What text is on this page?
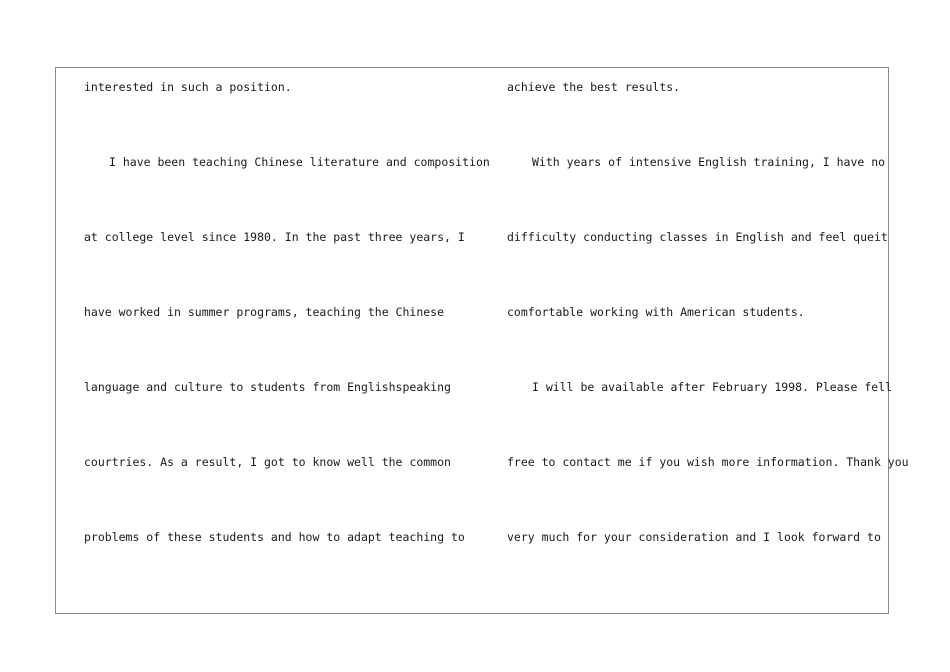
interested in such a position.
I have been teaching Chinese literature and composition
at college level since 1980. In the past three years, I
have worked in summer programs, teaching the Chinese
language and culture to students from Englishspeaking
courtries. As a result, I got to know well the common
problems of these students and how to adapt teaching to
achieve the best results.
With years of intensive English training, I have no
difficulty conducting classes in English and feel queit
comfortable working with American students.
I will be available after February 1998. Please fell
free to contact me if you wish more information. Thank you
very much for your consideration and I look forward to
